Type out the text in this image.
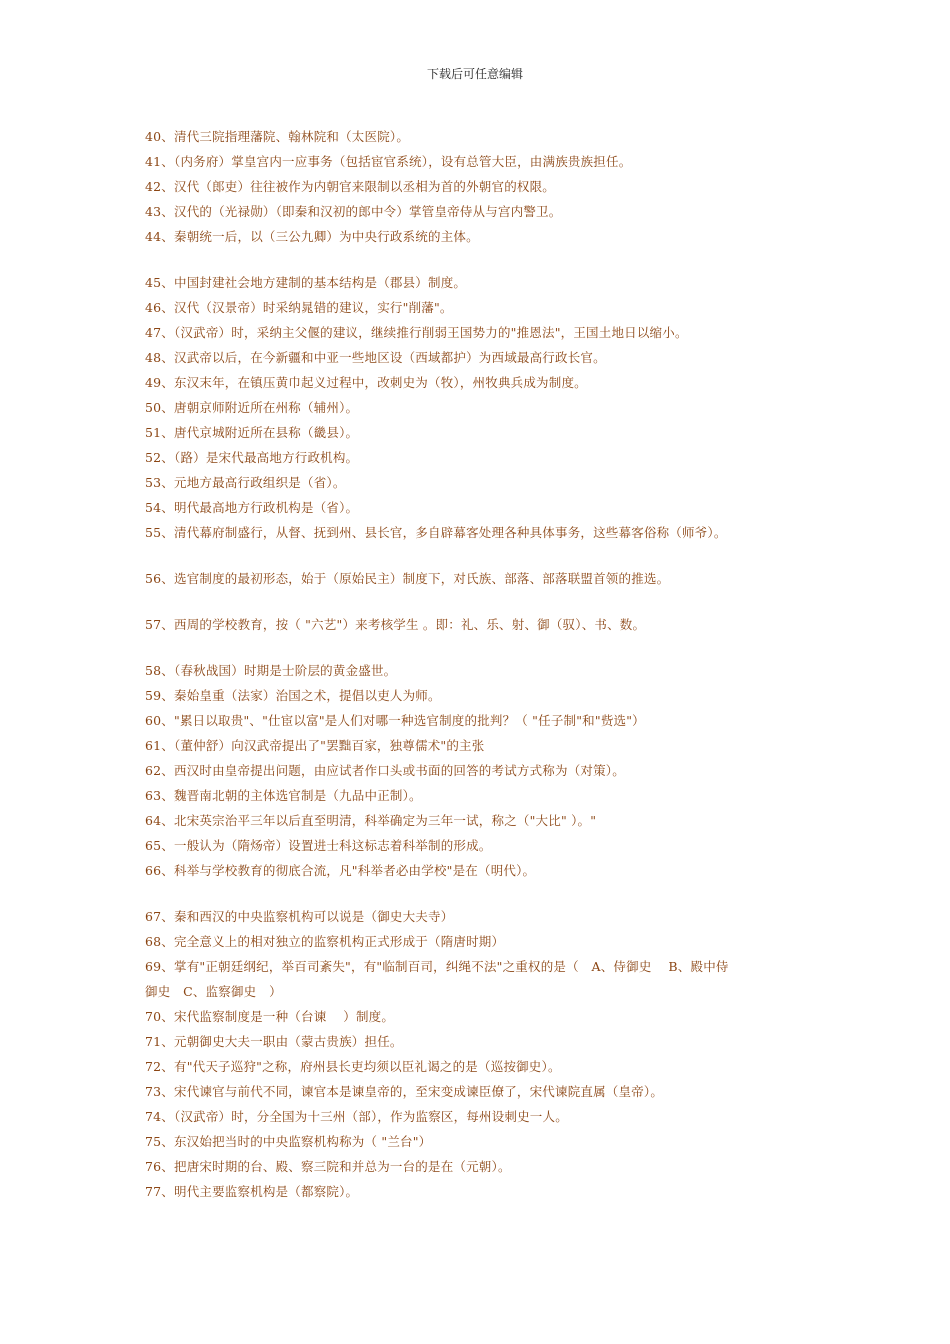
下载后可任意编辑
40、清代三院指理藩院、翰林院和（太医院）。
41、（内务府）掌皇宫内一应事务（包括宦官系统），设有总管大臣，由满族贵族担任。
42、汉代（郎吏）往往被作为内朝官来限制以丞相为首的外朝官的权限。
43、汉代的（光禄勋）（即秦和汉初的郎中令）掌管皇帝侍从与宫内警卫。
44、秦朝统一后，以（三公九卿）为中央行政系统的主体。
45、中国封建社会地方建制的基本结构是（郡县）制度。
46、汉代（汉景帝）时采纳晁错的建议，实行"削藩"。
47、（汉武帝）时，采纳主父偃的建议，继续推行削弱王国势力的"推恩法"，王国土地日以缩小。
48、汉武帝以后，在今新疆和中亚一些地区设（西域都护）为西域最高行政长官。
49、东汉末年，在镇压黄巾起义过程中，改刺史为（牧），州牧典兵成为制度。
50、唐朝京师附近所在州称（辅州）。
51、唐代京城附近所在县称（畿县）。
52、（路）是宋代最高地方行政机构。
53、元地方最高行政组织是（省）。
54、明代最高地方行政机构是（省）。
55、清代幕府制盛行，从督、抚到州、县长官，多自辟幕客处理各种具体事务，这些幕客俗称（师爷）。
56、选官制度的最初形态，始于（原始民主）制度下，对氏族、部落、部落联盟首领的推选。
57、西周的学校教育，按（ "六艺"）来考核学生 。即：礼、乐、射、御（驭）、书、数。
58、（春秋战国）时期是士阶层的黄金盛世。
59、秦始皇重（法家）治国之术，提倡以吏人为师。
60、"累日以取贵"、"仕宦以富"是人们对哪一种选官制度的批判？（ "任子制"和"赀选"）
61、（董仲舒）向汉武帝提出了"罢黜百家，独尊儒术"的主张
62、西汉时由皇帝提出问题，由应试者作口头或书面的回答的考试方式称为（对策）。
63、魏晋南北朝的主体选官制是（九品中正制）。
64、北宋英宗治平三年以后直至明清，科举确定为三年一试，称之（"大比" ）。"
65、一般认为（隋炀帝）设置进士科这标志着科举制的形成。
66、科举与学校教育的彻底合流，凡"科举者必由学校"是在（明代）。
67、秦和西汉的中央监察机构可以说是（御史大夫寺）
68、完全意义上的相对独立的监察机构正式形成于（隋唐时期）
69、掌有"正朝廷纲纪，举百司紊失"，有"临制百司，纠绳不法"之重权的是（　A、侍御史　 B、殿中侍
御史　C、监察御史　）
70、宋代监察制度是一种（台谏　 ）制度。
71、元朝御史大夫一职由（蒙古贵族）担任。
72、有"代天子巡狩"之称，府州县长吏均须以臣礼谒之的是（巡按御史）。
73、宋代谏官与前代不同，谏官本是谏皇帝的，至宋变成谏臣僚了，宋代谏院直属（皇帝）。
74、（汉武帝）时，分全国为十三州（部），作为监察区，每州设刺史一人。
75、东汉始把当时的中央监察机构称为（ "兰台"）
76、把唐宋时期的台、殿、察三院和并总为一台的是在（元朝）。
77、明代主要监察机构是（都察院）。
